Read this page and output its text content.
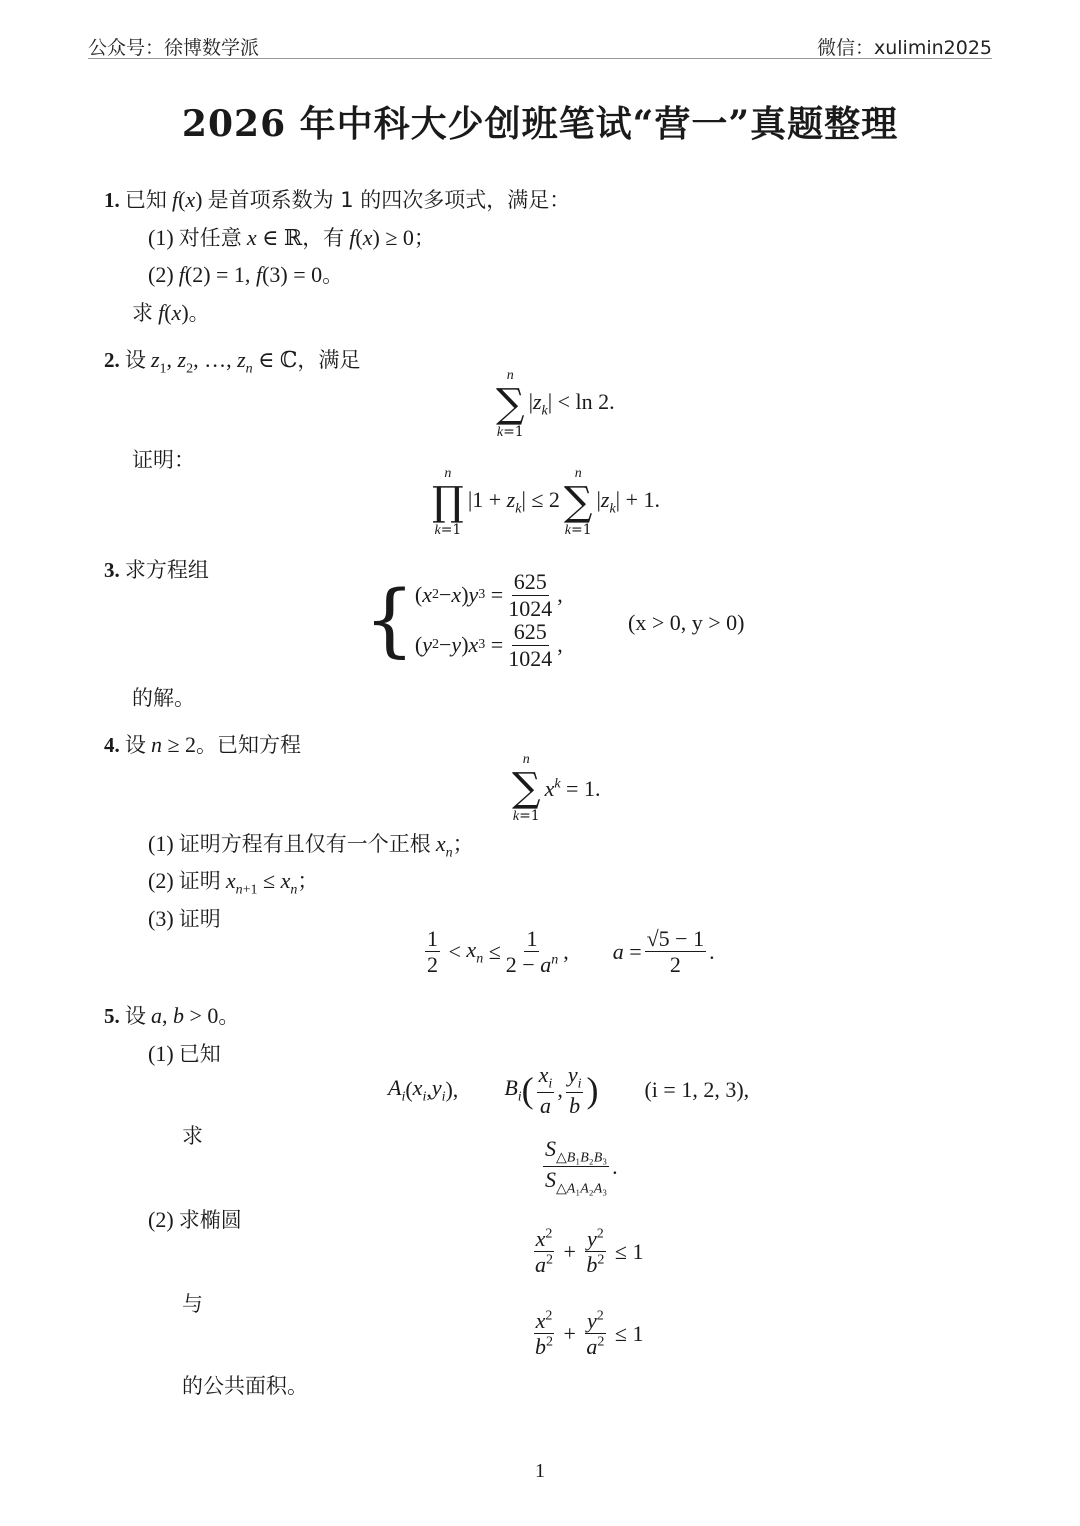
公众号：徐博数学派	微信：xulimin2025
2026 年中科大少创班笔试“营一”真题整理
1. 已知 f(x) 是首项系数为 1 的四次多项式，满足：
(1) 对任意 x ∈ ℝ，有 f(x) ≥ 0；
(2) f(2) = 1, f(3) = 0。
求 f(x)。
2. 设 $z_1$, $z_2$, …, $z_n$ ∈ ℂ，满足
n
∑
k=1
$|z_k| < \ln 2$.
证明：
n
∏
k=1
$|1 + z_k| \le 2$
n
∑
k=1
$|z_k| + 1$.
3. 求方程组
{ ( x 2 − x ) y $3 = \frac{625}{1024}$ ,
( y 2 − y ) x $3 = \frac{625}{1024}$ ,
(x > 0, y > 0)
的解。
4. 设 n ≥ 2。已知方程
n
∑
k=1
$x^k = 1$.
(1) 证明方程有且仅有一个正根 $x_n$；
(2) 证明 $x_{n+1} \le x_n$；
(3) 证明
$\frac{1}{2} < x_n \le \frac{1}{2 - a^n}$ , $a = \frac{√5 - 1}{2}$ .
5. 设 a, b > 0。
(1) 已知
$A_i$ ( $x_i$ , $y_i$ ), $B_i$ ( $\frac{x_i}{a}$ , $\frac{y_i}{b}$ ) (i = 1, 2, 3),
求	$\frac{S_{\triangle B_1B_2B_3}}{S_{\triangle A_1A_2A_3}}$ .
(2) 求椭圆
$\frac{x^2}{a^2} + \frac{y^2}{b^2} \le 1$
与
$\frac{x^2}{b^2} + \frac{y^2}{a^2} \le 1$
的公共面积。
1
